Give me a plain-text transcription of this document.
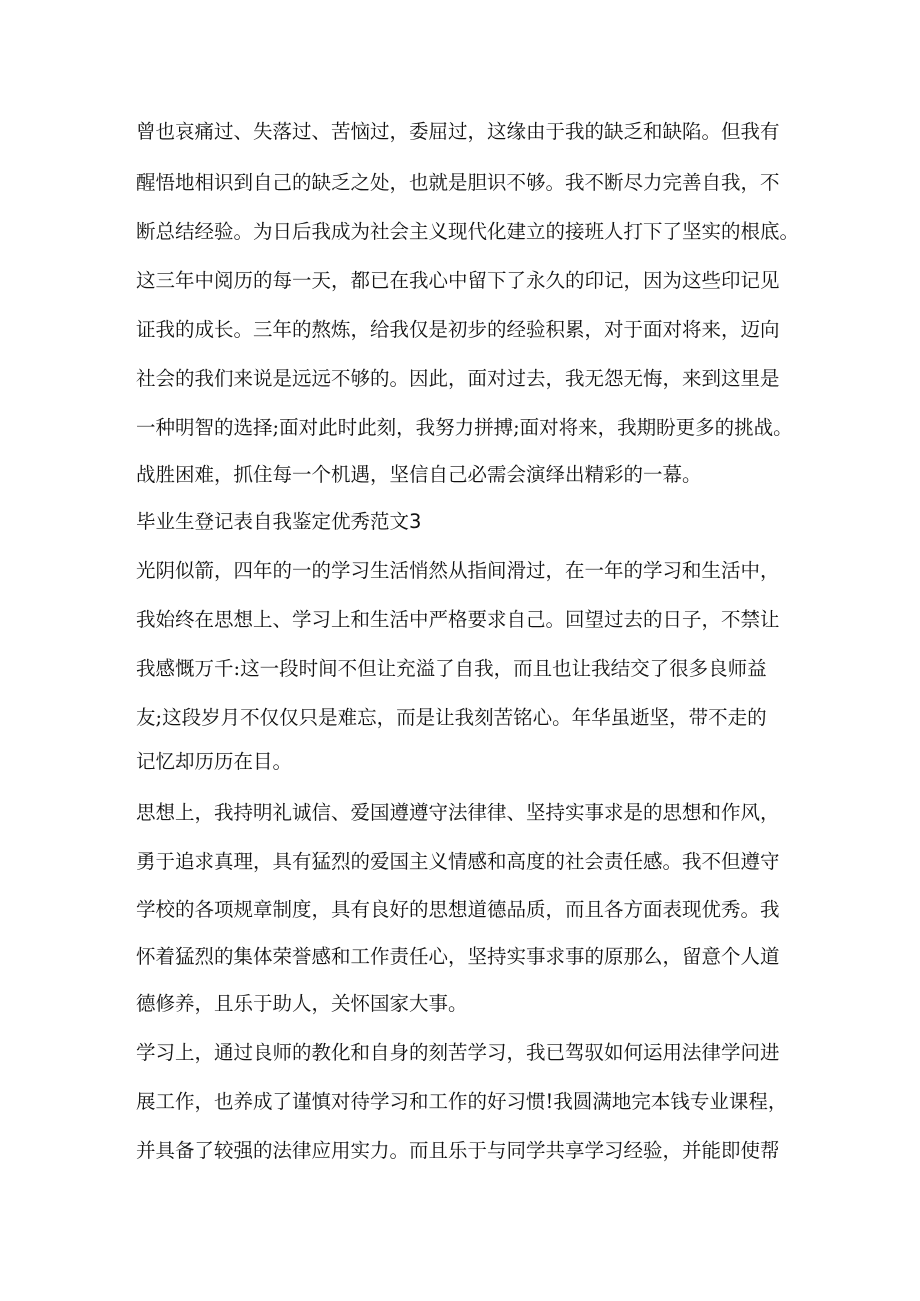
曾也哀痛过、失落过、苦恼过，委屈过，这缘由于我的缺乏和缺陷。但我有
醒悟地相识到自己的缺乏之处，也就是胆识不够。我不断尽力完善自我，不
断总结经验。为日后我成为社会主义现代化建立的接班人打下了坚实的根底。
这三年中阅历的每一天，都已在我心中留下了永久的印记，因为这些印记见
证我的成长。三年的熬炼，给我仅是初步的经验积累，对于面对将来，迈向
社会的我们来说是远远不够的。因此，面对过去，我无怨无悔，来到这里是
一种明智的选择;面对此时此刻，我努力拼搏;面对将来，我期盼更多的挑战。
战胜困难，抓住每一个机遇，坚信自己必需会演绎出精彩的一幕。
毕业生登记表自我鉴定优秀范文3
光阴似箭，四年的一的学习生活悄然从指间滑过，在一年的学习和生活中，
我始终在思想上、学习上和生活中严格要求自己。回望过去的日子，不禁让
我感慨万千:这一段时间不但让充溢了自我，而且也让我结交了很多良师益
友;这段岁月不仅仅只是难忘，而是让我刻苦铭心。年华虽逝坚，带不走的
记忆却历历在目。
思想上，我持明礼诚信、爱国遵遵守法律律、坚持实事求是的思想和作风，
勇于追求真理，具有猛烈的爱国主义情感和高度的社会责任感。我不但遵守
学校的各项规章制度，具有良好的思想道德品质，而且各方面表现优秀。我
怀着猛烈的集体荣誉感和工作责任心，坚持实事求事的原那么，留意个人道
德修养，且乐于助人，关怀国家大事。
学习上，通过良师的教化和自身的刻苦学习，我已驾驭如何运用法律学问进
展工作，也养成了谨慎对待学习和工作的好习惯!我圆满地完本钱专业课程，
并具备了较强的法律应用实力。而且乐于与同学共享学习经验，并能即使帮
